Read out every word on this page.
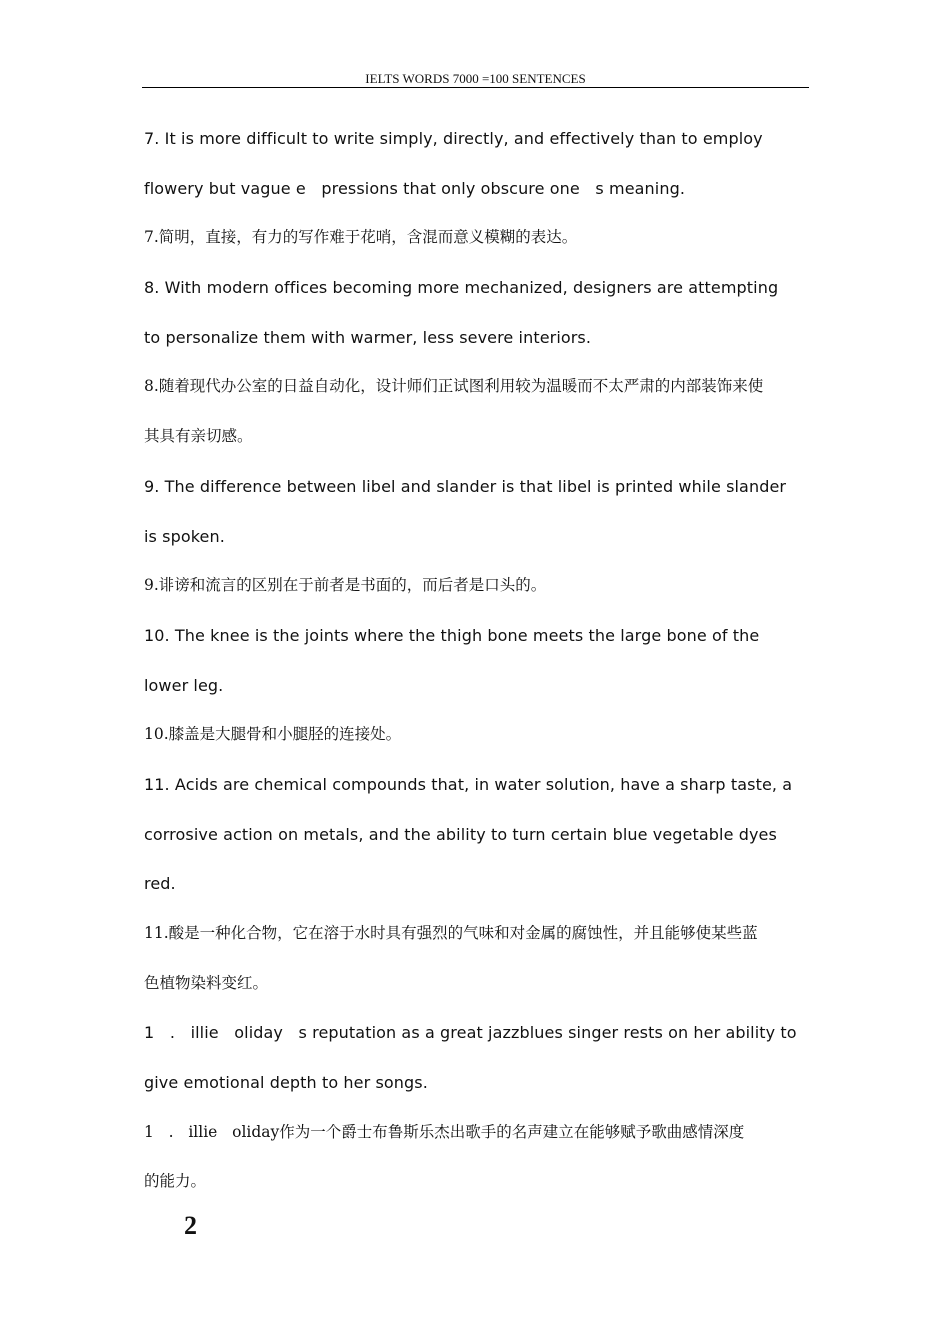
IELTS WORDS 7000 =100 SENTENCES
7. It is more difficult to write simply, directly, and effectively than to employ
flowery but vague e   pressions that only obscure one   s meaning.
7.简明，直接，有力的写作难于花哨，含混而意义模糊的表达。
8. With modern offices becoming more mechanized, designers are attempting
to personalize them with warmer, less severe interiors.
8.随着现代办公室的日益自动化，设计师们正试图利用较为温暖而不太严肃的内部装饰来使
其具有亲切感。
9. The difference between libel and slander is that libel is printed while slander
is spoken.
9.诽谤和流言的区别在于前者是书面的，而后者是口头的。
10. The knee is the joints where the thigh bone meets the large bone of the
lower leg.
10.膝盖是大腿骨和小腿胫的连接处。
11. Acids are chemical compounds that, in water solution, have a sharp taste, a
corrosive action on metals, and the ability to turn certain blue vegetable dyes
red.
11.酸是一种化合物，它在溶于水时具有强烈的气味和对金属的腐蚀性，并且能够使某些蓝
色植物染料变红。
1   .   illie   oliday   s reputation as a great jazzblues singer rests on her ability to
give emotional depth to her songs.
1   .   illie   oliday作为一个爵士布鲁斯乐杰出歌手的名声建立在能够赋予歌曲感情深度
的能力。
2
